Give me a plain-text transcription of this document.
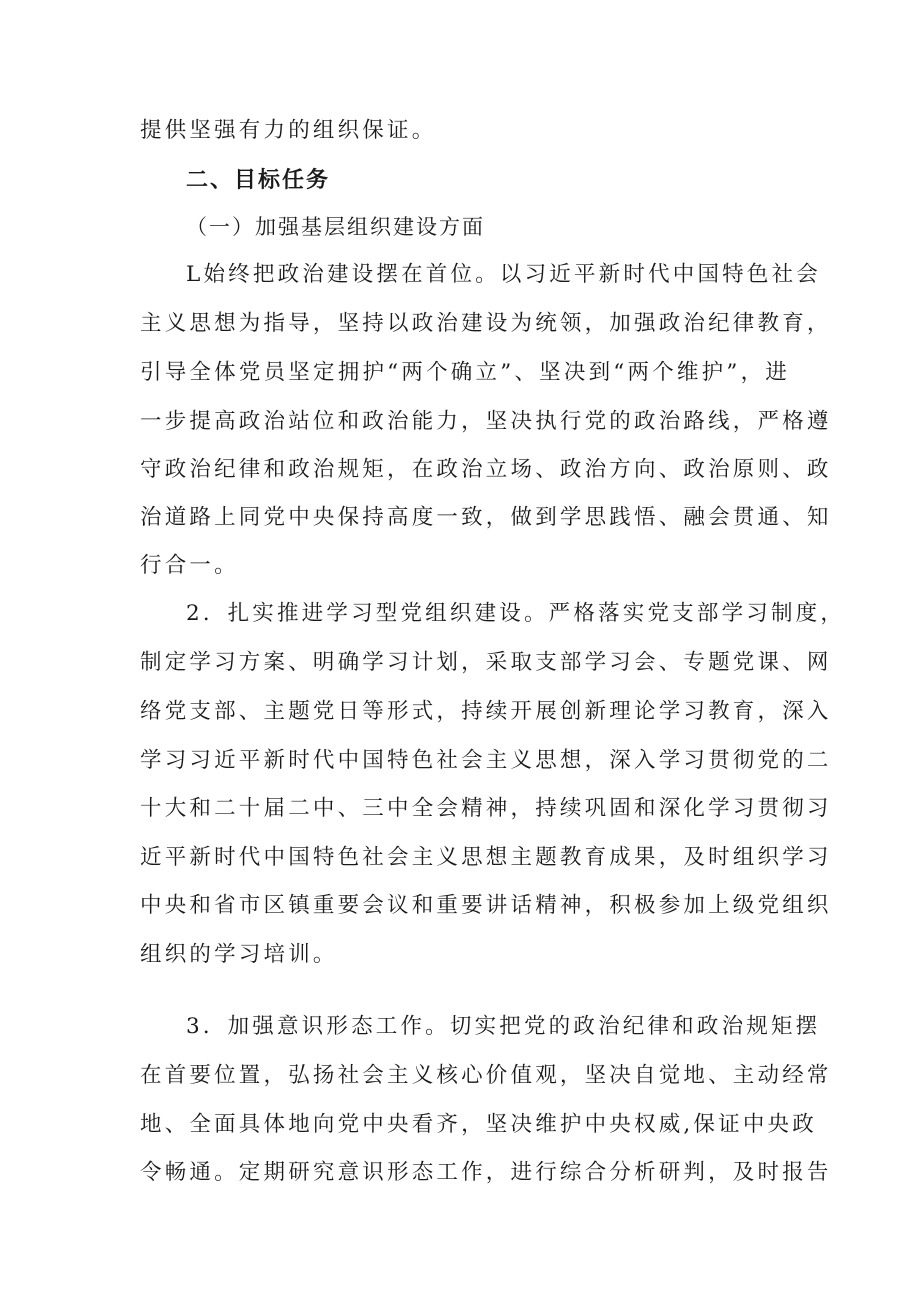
提供坚强有力的组织保证。
二、目标任务
（一）加强基层组织建设方面
L始终把政治建设摆在首位。以习近平新时代中国特色社会
主义思想为指导，坚持以政治建设为统领，加强政治纪律教育，
引导全体党员坚定拥护“两个确立”、坚决到“两个维护”，进
一步提高政治站位和政治能力，坚决执行党的政治路线，严格遵
守政治纪律和政治规矩，在政治立场、政治方向、政治原则、政
治道路上同党中央保持高度一致，做到学思践悟、融会贯通、知
行合一。
2．扎实推进学习型党组织建设。严格落实党支部学习制度，
制定学习方案、明确学习计划，采取支部学习会、专题党课、网
络党支部、主题党日等形式，持续开展创新理论学习教育，深入
学习习近平新时代中国特色社会主义思想，深入学习贯彻党的二
十大和二十届二中、三中全会精神，持续巩固和深化学习贯彻习
近平新时代中国特色社会主义思想主题教育成果，及时组织学习
中央和省市区镇重要会议和重要讲话精神，积极参加上级党组织
组织的学习培训。
3．加强意识形态工作。切实把党的政治纪律和政治规矩摆
在首要位置，弘扬社会主义核心价值观，坚决自觉地、主动经常
地、全面具体地向党中央看齐，坚决维护中央权威,保证中央政
令畅通。定期研究意识形态工作，进行综合分析研判，及时报告
